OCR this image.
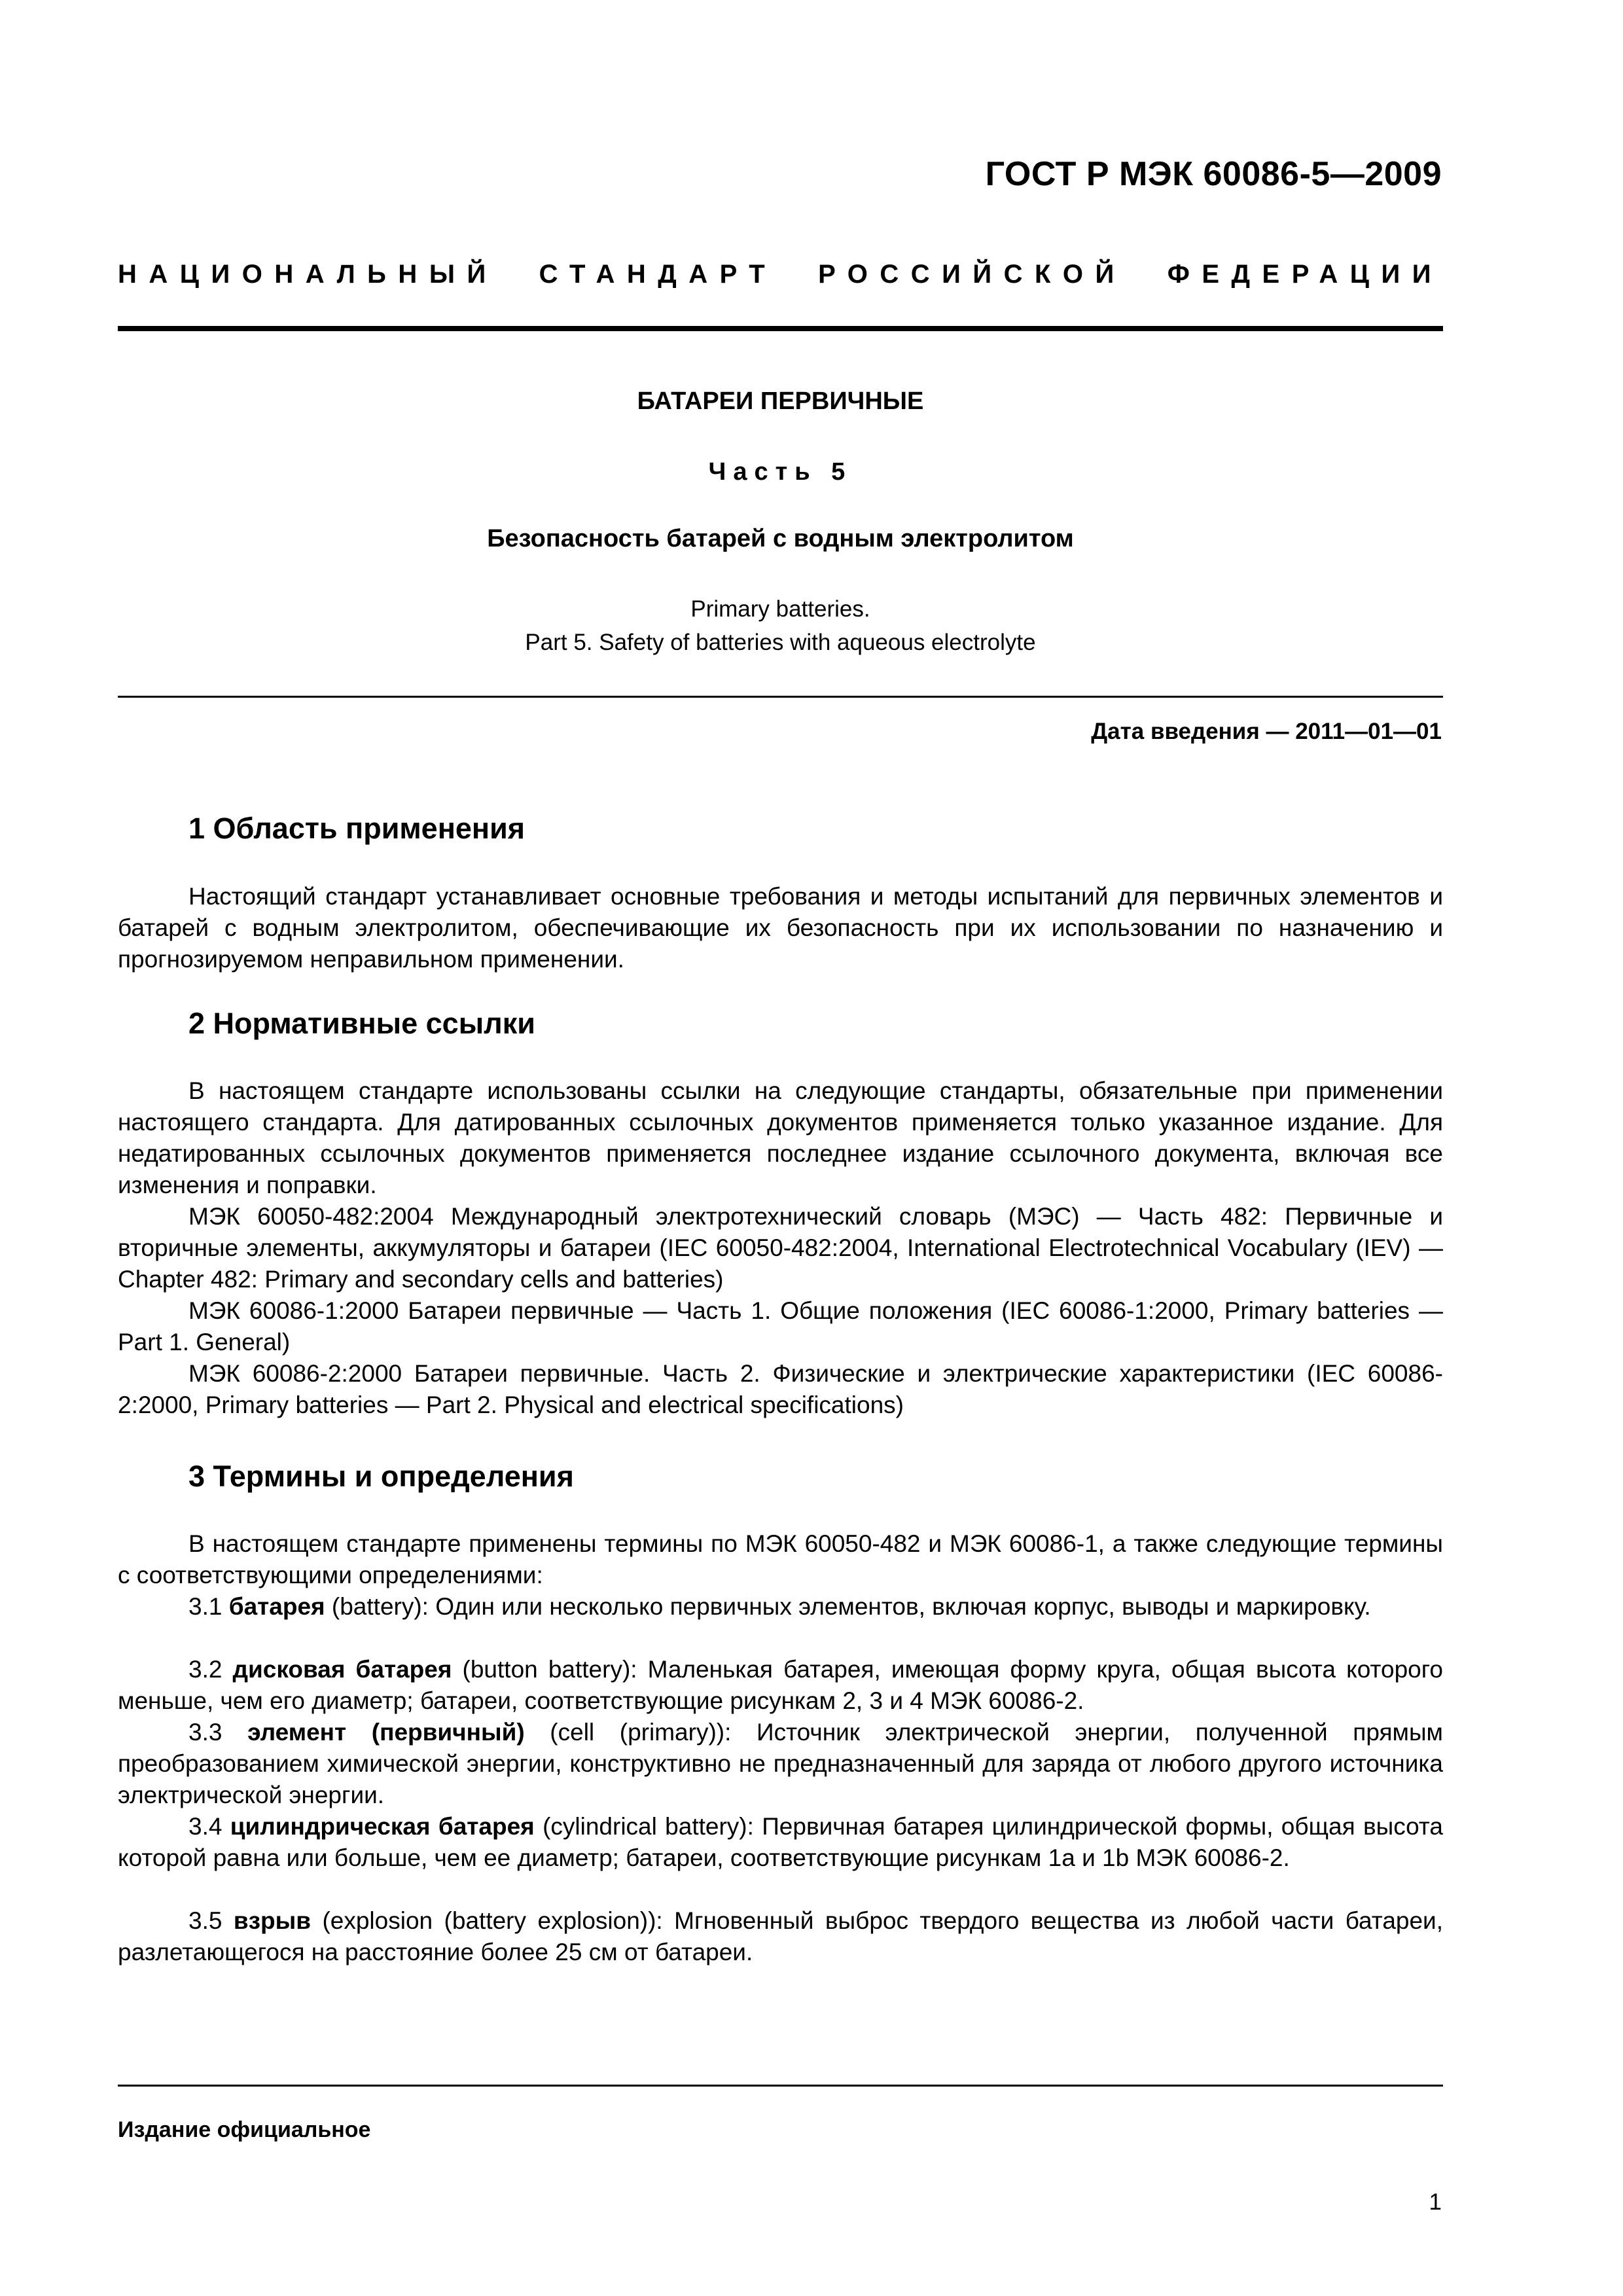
ГОСТ Р МЭК 60086-5—2009
НАЦИОНАЛЬНЫЙ СТАНДАРТ РОССИЙСКОЙ ФЕДЕРАЦИИ
БАТАРЕИ ПЕРВИЧНЫЕ
Часть 5
Безопасность батарей с водным электролитом
Primary batteries.
Part 5. Safety of batteries with aqueous electrolyte
Дата введения — 2011—01—01
1 Область применения

Настоящий стандарт устанавливает основные требования и методы испытаний для первичных элементов и батарей с водным электролитом, обеспечивающие их безопасность при их использовании по назначению и прогнозируемом неправильном применении.

2 Нормативные ссылки

В настоящем стандарте использованы ссылки на следующие стандарты, обязательные при применении настоящего стандарта. Для датированных ссылочных документов применяется только указанное издание. Для недатированных ссылочных документов применяется последнее издание ссылочного документа, включая все изменения и поправки.

МЭК 60050-482:2004 Международный электротехнический словарь (МЭС) — Часть 482: Первичные и вторичные элементы, аккумуляторы и батареи (IEC 60050-482:2004, International Electrotechnical Vocabulary (IEV) — Chapter 482: Primary and secondary cells and batteries)

МЭК 60086-1:2000 Батареи первичные — Часть 1. Общие положения (IEC 60086-1:2000, Primary batteries — Part 1. General)

МЭК 60086-2:2000 Батареи первичные. Часть 2. Физические и электрические характеристики (IEC 60086-2:2000, Primary batteries — Part 2. Physical and electrical specifications)

3 Термины и определения

В настоящем стандарте применены термины по МЭК 60050-482 и МЭК 60086-1, а также следующие термины с соответствующими определениями:

3.1 батарея (battery): Один или несколько первичных элементов, включая корпус, выводы и маркировку.

3.2 дисковая батарея (button battery): Маленькая батарея, имеющая форму круга, общая высота которого меньше, чем его диаметр; батареи, соответствующие рисункам 2, 3 и 4 МЭК 60086-2.

3.3 элемент (первичный) (cell (primary)): Источник электрической энергии, полученной прямым преобразованием химической энергии, конструктивно не предназначенный для заряда от любого другого источника электрической энергии.

3.4 цилиндрическая батарея (cylindrical battery): Первичная батарея цилиндрической формы, общая высота которой равна или больше, чем ее диаметр; батареи, соответствующие рисункам 1а и 1b МЭК 60086-2.

3.5 взрыв (explosion (battery explosion)): Мгновенный выброс твердого вещества из любой части батареи, разлетающегося на расстояние более 25 см от батареи.

Издание официальное
1
